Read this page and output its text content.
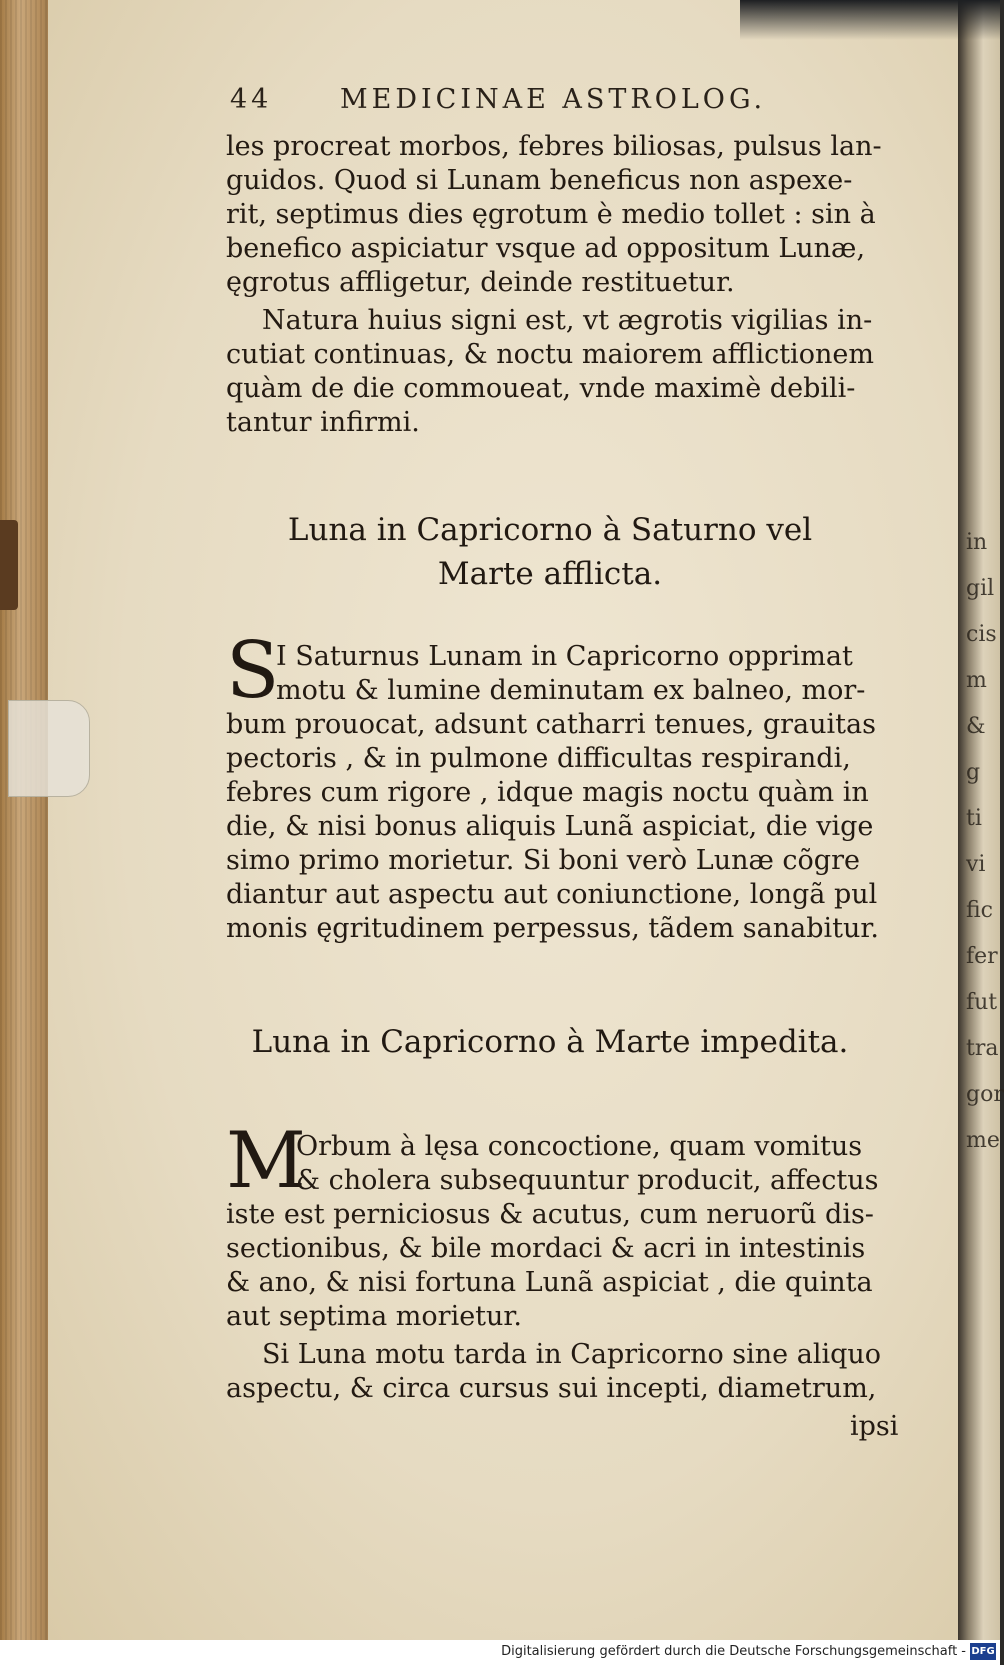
in
gil
cis
m
&
g
ti
vi
fic
fer
fut
tra
gor
me
44	MEDICINAE ASTROLOG.
les procreat morbos, febres biliosas, pulsus lan-
guidos. Quod si Lunam beneficus non aspexe-
rit, septimus dies ęgrotum è medio tollet : sin à
benefico aspiciatur vsque ad oppositum Lunæ,
ęgrotus affligetur, deinde restituetur.
Natura huius signi est, vt ægrotis vigilias in-
cutiat continuas, & noctu maiorem afflictionem
quàm de die commoueat, vnde maximè debili-
tantur infirmi.
Luna in Capricorno à Saturno vel
Marte afflicta.
S
I Saturnus Lunam in Capricorno opprimat
motu & lumine deminutam ex balneo, mor-
bum prouocat, adsunt catharri tenues, grauitas
pectoris , & in pulmone difficultas respirandi,
febres cum rigore , idque magis noctu quàm in
die, & nisi bonus aliquis Lunã aspiciat, die vige
simo primo morietur. Si boni verò Lunæ cõgre
diantur aut aspectu aut coniunctione, longã pul
monis ęgritudinem perpessus, tãdem sanabitur.
Luna in Capricorno à Marte impedita.
M
Orbum à lęsa concoctione, quam vomitus
& cholera subsequuntur producit, affectus
iste est perniciosus & acutus, cum neruorũ dis-
sectionibus, & bile mordaci & acri in intestinis
& ano, & nisi fortuna Lunã aspiciat , die quinta
aut septima morietur.
Si Luna motu tarda in Capricorno sine aliquo
aspectu, & circa cursus sui incepti, diametrum,
ipsi
Digitalisierung gefördert durch die Deutsche Forschungsgemeinschaft - DFG
